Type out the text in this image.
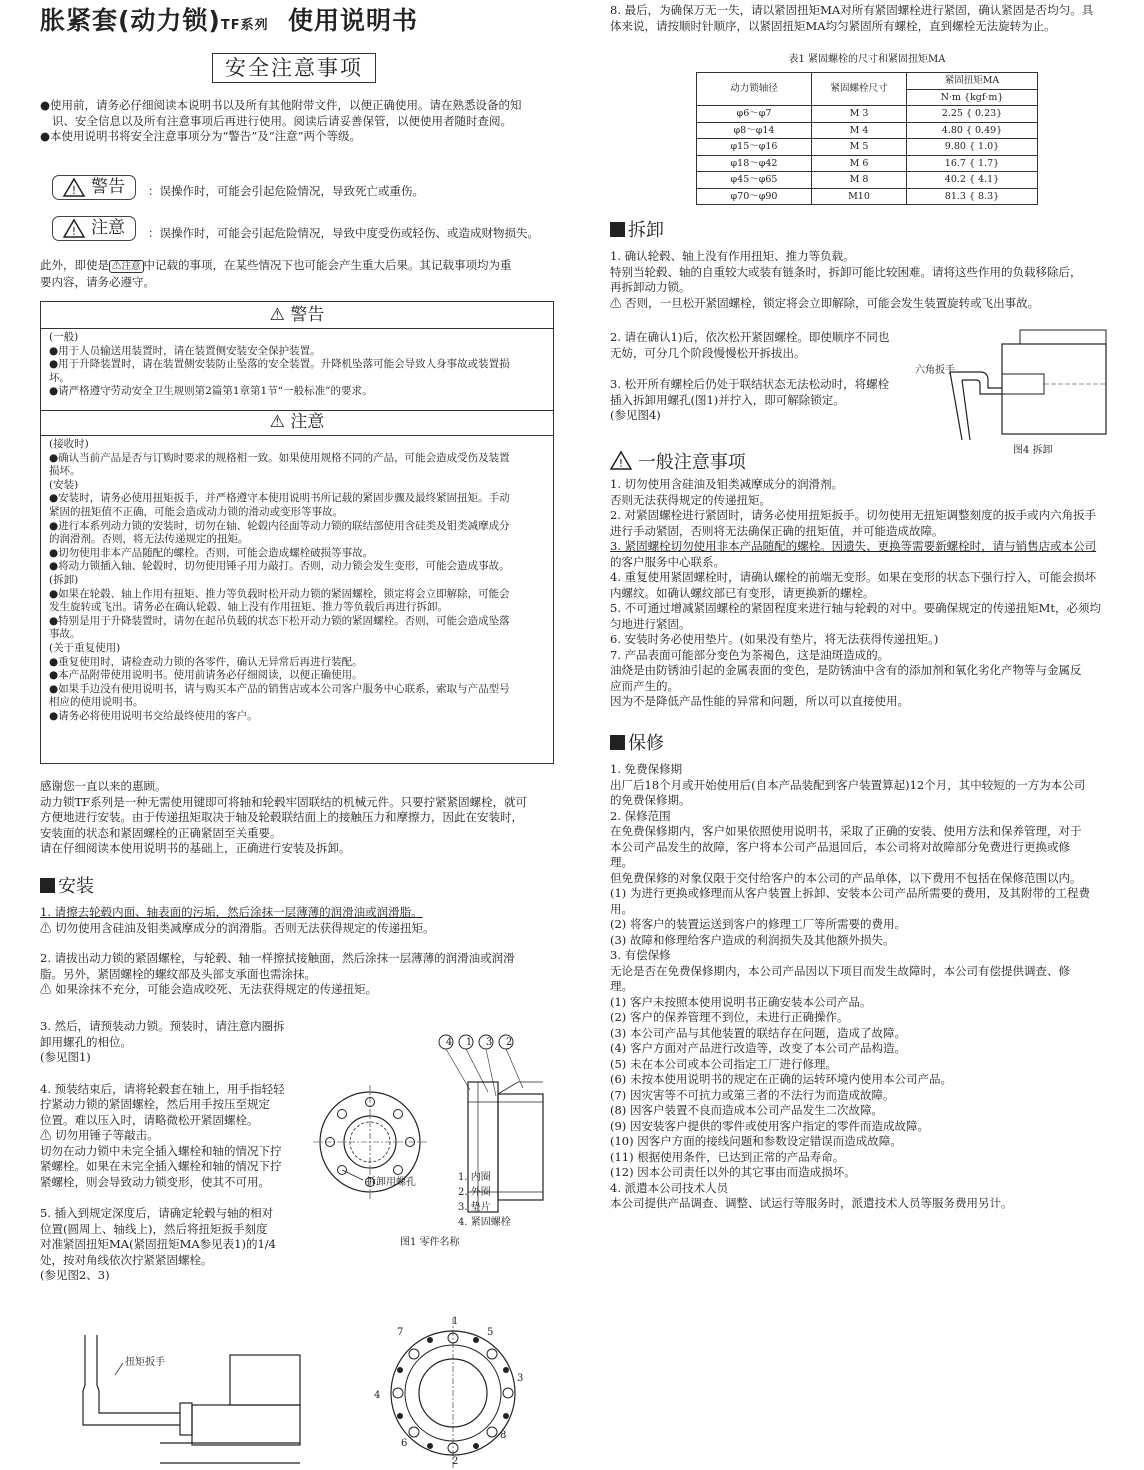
胀紧套(动力锁)TF系列 使用说明书
安全注意事项

●使用前，请务必仔细阅读本说明书以及所有其他附带文件，以便正确使用。请在熟悉设备的知

识、安全信息以及所有注意事项后再进行使用。阅读后请妥善保管，以便使用者随时查阅。

●本使用说明书将安全注意事项分为“警告”及“注意”两个等级。

! 警告 ：误操作时，可能会引起危险情况，导致死亡或重伤。
! 注意 ：误操作时，可能会引起危险情况，导致中度受伤或轻伤、或造成财物损失。

此外，即使是 ⚠注意 中记载的事项，在某些情况下也可能会产生重大后果。其记载事项均为重

要内容，请务必遵守。

⚠ 警告

(一般)

●用于人员输送用装置时，请在装置侧安装安全保护装置。

●用于升降装置时，请在装置侧安装防止坠落的安全装置。升降机坠落可能会导致人身事故或装置损

坏。

●请严格遵守劳动安全卫生规则第2篇第1章第1节“一般标准”的要求。

⚠ 注意

(接收时)

●确认当前产品是否与订购时要求的规格相一致。如果使用规格不同的产品，可能会造成受伤及装置

损坏。

(安装)

●安装时，请务必使用扭矩扳手，并严格遵守本使用说明书所记载的紧固步骤及最终紧固扭矩。手动

紧固的扭矩值不正确，可能会造成动力锁的滑动或变形等事故。

●进行本系列动力锁的安装时，切勿在轴、轮毂内径面等动力锁的联结部使用含硅类及钼类减摩成分

的润滑剂。否则，将无法传递规定的扭矩。

●切勿使用非本产品随配的螺栓。否则，可能会造成螺栓破损等事故。

●将动力锁插入轴、轮毂时，切勿使用锤子用力敲打。否则，动力锁会发生变形，可能会造成事故。

(拆卸)

●如果在轮毂、轴上作用有扭矩、推力等负载时松开动力锁的紧固螺栓，锁定将会立即解除，可能会

发生旋转或飞出。请务必在确认轮毂、轴上没有作用扭矩、推力等负载后再进行拆卸。

●特别是用于升降装置时，请勿在起吊负载的状态下松开动力锁的紧固螺栓。否则，可能会造成坠落

事故。

(关于重复使用)

●重复使用时，请检查动力锁的各零件，确认无异常后再进行装配。

●本产品附带使用说明书。使用前请务必仔细阅读，以便正确使用。

●如果手边没有使用说明书，请与购买本产品的销售店或本公司客户服务中心联系，索取与产品型号

相应的使用说明书。

●请务必将使用说明书交给最终使用的客户。

感谢您一直以来的惠顾。

动力锁TF系列是一种无需使用键即可将轴和轮毂牢固联结的机械元件。只要拧紧紧固螺栓，就可

方便地进行安装。由于传递扭矩取决于轴及轮毂联结面上的接触压力和摩擦力，因此在安装时，

安装面的状态和紧固螺栓的正确紧固至关重要。

请在仔细阅读本使用说明书的基础上，正确进行安装及拆卸。

安装

1. 请擦去轮毂内面、轴表面的污垢，然后涂抹一层薄薄的润滑油或润滑脂。

⚠ 切勿使用含硅油及钼类减摩成分的润滑脂。否则无法获得规定的传递扭矩。

2. 请拔出动力锁的紧固螺栓，与轮毂、轴一样擦拭接触面，然后涂抹一层薄薄的润滑油或润滑

脂。另外，紧固螺栓的螺纹部及头部支承面也需涂抹。

⚠ 如果涂抹不充分，可能会造成咬死、无法获得规定的传递扭矩。

3. 然后，请预装动力锁。预装时，请注意内圈拆

卸用螺孔的相位。

(参见图1)

4. 预装结束后，请将轮毂套在轴上，用手指轻轻

拧紧动力锁的紧固螺栓，然后用手按压至规定

位置。难以压入时，请略微松开紧固螺栓。

⚠ 切勿用锤子等敲击。

切勿在动力锁中未完全插入螺栓和轴的情况下拧

紧螺栓。如果在未完全插入螺栓和轴的情况下拧

紧螺栓，则会导致动力锁变形，使其不可用。

5. 插入到规定深度后，请确定轮毂与轴的相对

位置(圆周上、轴线上)，然后将扭矩扳手刻度

对准紧固扭矩MA(紧固扭矩MA参见表1)的1/4

处，按对角线依次拧紧紧固螺栓。

(参见图2、3)

4	1	3	2
拆卸用螺孔	1. 内圈

2. 外圈

3. 垫片

4. 紧固螺栓

图1 零件名称
扭矩扳手
1
2
3
4
5
6
7
8

8. 最后，为确保万无一失，请以紧固扭矩MA对所有紧固螺栓进行紧固，确认紧固是否均匀。具

体来说，请按顺时针顺序，以紧固扭矩MA均匀紧固所有螺栓，直到螺栓无法旋转为止。

表1 紧固螺栓的尺寸和紧固扭矩MA
动力锁轴径	紧固螺栓尺寸	紧固扭矩MA
		N·m {kgf·m}
φ6～φ7	M 3	2.25 { 0.23}
φ8～φ14	M 4	4.80 { 0.49}
φ15～φ16	M 5	9.80 { 1.0}
φ18～φ42	M 6	16.7 { 1.7}
φ45～φ65	M 8	40.2 { 4.1}
φ70～φ90	M10	81.3 { 8.3}
拆卸

1. 确认轮毂、轴上没有作用扭矩、推力等负载。

特别当轮毂、轴的自重较大或装有链条时，拆卸可能比较困难。请将这些作用的负载移除后，

再拆卸动力锁。

⚠ 否则，一旦松开紧固螺栓，锁定将会立即解除，可能会发生装置旋转或飞出事故。

2. 请在确认1)后，依次松开紧固螺栓。即使顺序不同也

无妨，可分几个阶段慢慢松开拆拔出。

3. 松开所有螺栓后仍处于联结状态无法松动时，将螺栓

插入拆卸用螺孔(图1)并拧入，即可解除锁定。

(参见图4)

六角扳手
图4 拆卸
! 一般注意事项

1. 切勿使用含硅油及钼类减摩成分的润滑剂。

否则无法获得规定的传递扭矩。

2. 对紧固螺栓进行紧固时，请务必使用扭矩扳手。切勿使用无扭矩调整刻度的扳手或内六角扳手

进行手动紧固，否则将无法确保正确的扭矩值，并可能造成故障。

3. 紧固螺栓切勿使用非本产品随配的螺栓。因遗失、更换等需要新螺栓时，请与销售店或本公司

的客户服务中心联系。

4. 重复使用紧固螺栓时，请确认螺栓的前端无变形。如果在变形的状态下强行拧入，可能会损坏

内螺纹。如确认螺纹部已有变形，请更换新的螺栓。

5. 不可通过增减紧固螺栓的紧固程度来进行轴与轮毂的对中。要确保规定的传递扭矩Mt，必须均

匀地进行紧固。

6. 安装时务必使用垫片。(如果没有垫片，将无法获得传递扭矩。)

7. 产品表面可能部分变色为茶褐色，这是油斑造成的。

油烧是由防锈油引起的金属表面的变色，是防锈油中含有的添加剂和氧化劣化产物等与金属反

应而产生的。

因为不是降低产品性能的异常和问题，所以可以直接使用。

保修

1. 免费保修期

出厂后18个月或开始使用后(自本产品装配到客户装置算起)12个月，其中较短的一方为本公司

的免费保修期。

2. 保修范围

在免费保修期内，客户如果依照使用说明书，采取了正确的安装、使用方法和保养管理，对于

本公司产品发生的故障，客户将本公司产品退回后，本公司将对故障部分免费进行更换或修

理。

但免费保修的对象仅限于交付给客户的本公司的产品单体，以下费用不包括在保修范围以内。

(1) 为进行更换或修理而从客户装置上拆卸、安装本公司产品所需要的费用，及其附带的工程费

用。

(2) 将客户的装置运送到客户的修理工厂等所需要的费用。

(3) 故障和修理给客户造成的利润损失及其他额外损失。

3. 有偿保修

无论是否在免费保修期内，本公司产品因以下项目而发生故障时，本公司有偿提供调查、修

理。

(1) 客户未按照本使用说明书正确安装本公司产品。

(2) 客户的保养管理不到位，未进行正确操作。

(3) 本公司产品与其他装置的联结存在问题，造成了故障。

(4) 客户方面对产品进行改造等，改变了本公司产品构造。

(5) 未在本公司或本公司指定工厂进行修理。

(6) 未按本使用说明书的规定在正确的运转环境内使用本公司产品。

(7) 因灾害等不可抗力或第三者的不法行为而造成故障。

(8) 因客户装置不良而造成本公司产品发生二次故障。

(9) 因安装客户提供的零件或使用客户指定的零件而造成故障。

(10) 因客户方面的接线问题和参数设定错误而造成故障。

(11) 根据使用条件，已达到正常的产品寿命。

(12) 因本公司责任以外的其它事由而造成损坏。

4. 派遣本公司技术人员

本公司提供产品调查、调整、试运行等服务时，派遣技术人员等服务费用另计。
